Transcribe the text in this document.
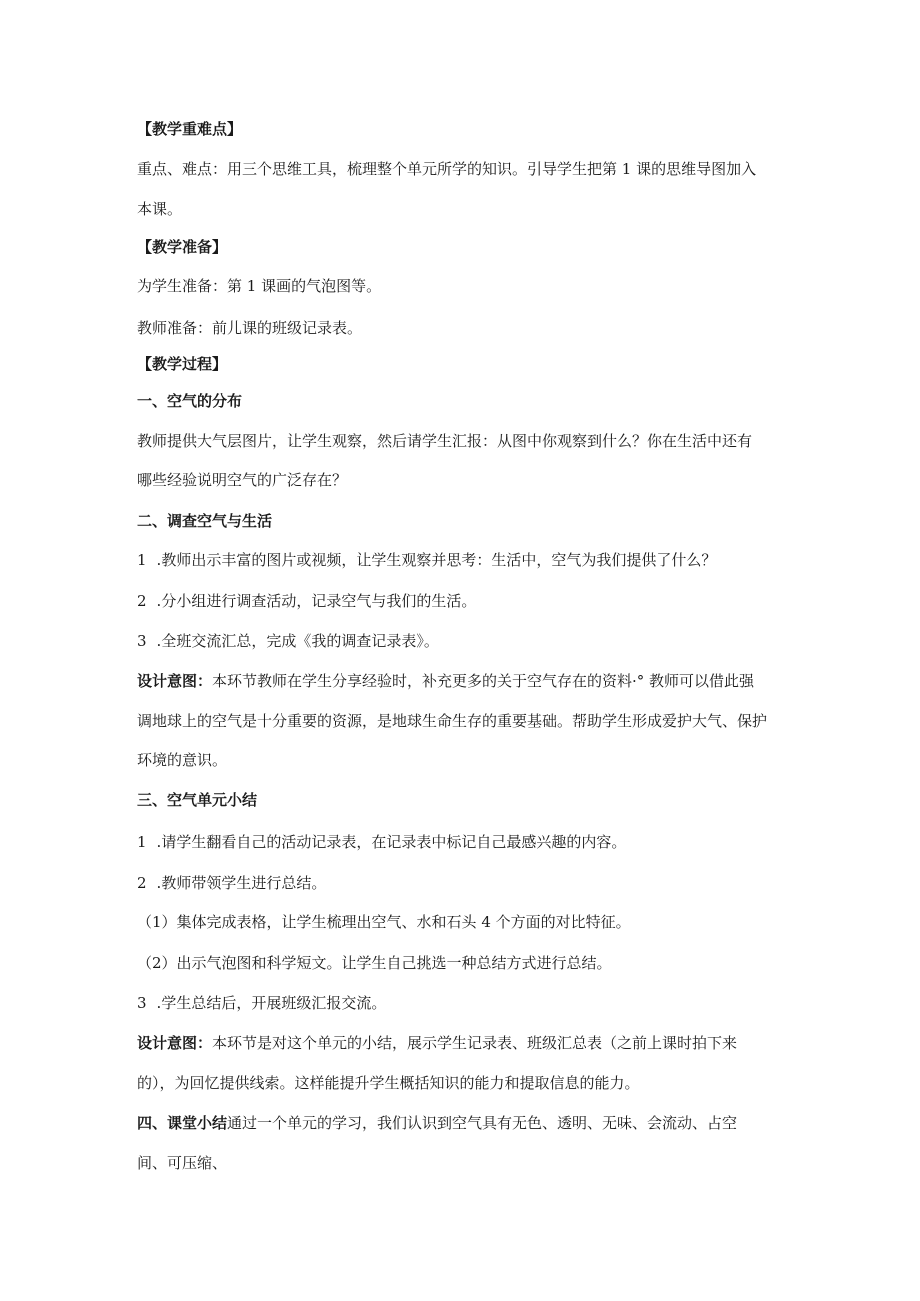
【教学重难点】
重点、难点：用三个思维工具，梳理整个单元所学的知识。引导学生把第 1 课的思维导图加入
本课。
【教学准备】
为学生准备：第 1 课画的气泡图等。
教师准备：前儿课的班级记录表。
【教学过程】
一、空气的分布
教师提供大气层图片，让学生观察，然后请学生汇报：从图中你观察到什么？你在生活中还有
哪些经验说明空气的广泛存在？
二、调查空气与生活
1 .教师出示丰富的图片或视频，让学生观察并思考：生活中，空气为我们提供了什么？
2 .分小组进行调查活动，记录空气与我们的生活。
3 .全班交流汇总，完成《我的调查记录表》。
设计意图：本环节教师在学生分享经验时，补充更多的关于空气存在的资料·° 教师可以借此强
调地球上的空气是十分重要的资源，是地球生命生存的重要基础。帮助学生形成爱护大气、保护
环境的意识。
三、空气单元小结
1 .请学生翻看自己的活动记录表，在记录表中标记自己最感兴趣的内容。
2 .教师带领学生进行总结。
（1）集体完成表格，让学生梳理出空气、水和石头 4 个方面的对比特征。
（2）出示气泡图和科学短文。让学生自己挑选一种总结方式进行总结。
3 .学生总结后，开展班级汇报交流。
设计意图：本环节是对这个单元的小结，展示学生记录表、班级汇总表（之前上课时拍下来
的），为回忆提供线索。这样能提升学生概括知识的能力和提取信息的能力。
四、课堂小结通过一个单元的学习，我们认识到空气具有无色、透明、无味、会流动、占空
间、可压缩、
